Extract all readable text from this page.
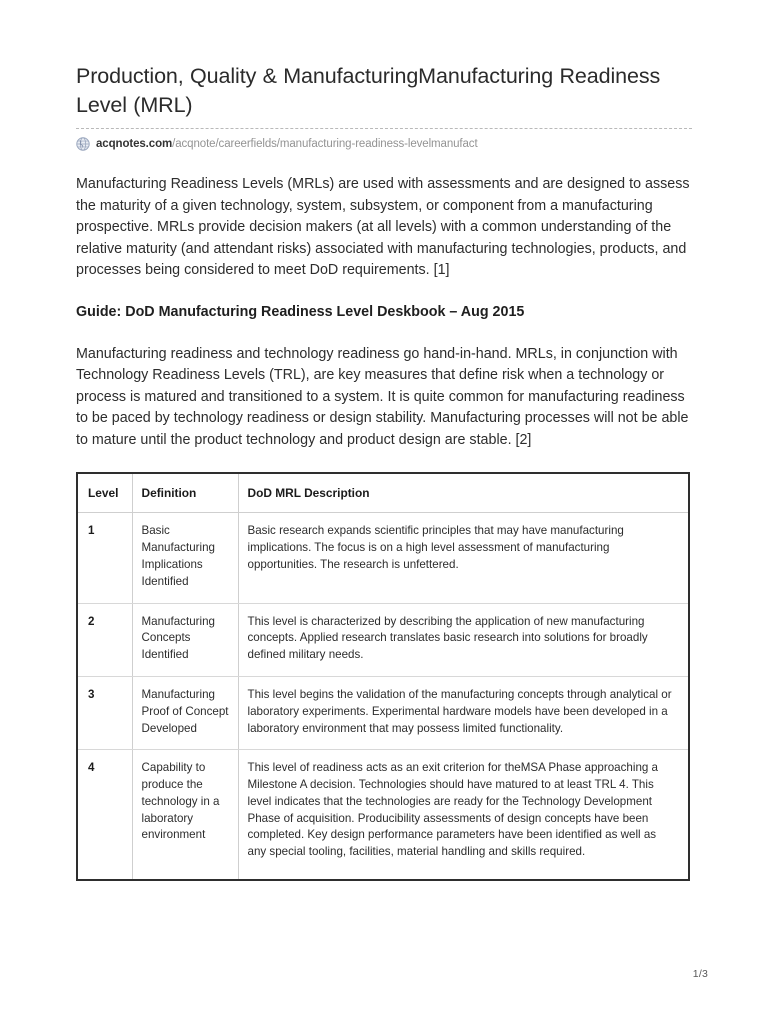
Production, Quality & ManufacturingManufacturing Readiness Level (MRL)
acqnotes.com/acqnote/careerfields/manufacturing-readiness-levelmanufact

Manufacturing Readiness Levels (MRLs) are used with assessments and are designed to assess the maturity of a given technology, system, subsystem, or component from a manufacturing prospective. MRLs provide decision makers (at all levels) with a common understanding of the relative maturity (and attendant risks) associated with manufacturing technologies, products, and processes being considered to meet DoD requirements. [1]

Guide: DoD Manufacturing Readiness Level Deskbook – Aug 2015

Manufacturing readiness and technology readiness go hand-in-hand. MRLs, in conjunction with Technology Readiness Levels (TRL), are key measures that define risk when a technology or process is matured and transitioned to a system. It is quite common for manufacturing readiness to be paced by technology readiness or design stability. Manufacturing processes will not be able to mature until the product technology and product design are stable. [2]

Level	Definition	DoD MRL Description
1	Basic Manufacturing Implications Identified	Basic research expands scientific principles that may have manufacturing implications. The focus is on a high level assessment of manufacturing opportunities. The research is unfettered.
2	Manufacturing Concepts Identified	This level is characterized by describing the application of new manufacturing concepts. Applied research translates basic research into solutions for broadly defined military needs.
3	Manufacturing Proof of Concept Developed	This level begins the validation of the manufacturing concepts through analytical or laboratory experiments. Experimental hardware models have been developed in a laboratory environment that may possess limited functionality.
4	Capability to produce the technology in a laboratory environment	This level of readiness acts as an exit criterion for theMSA Phase approaching a Milestone A decision. Technologies should have matured to at least TRL 4. This level indicates that the technologies are ready for the Technology Development Phase of acquisition. Producibility assessments of design concepts have been completed. Key design performance parameters have been identified as well as any special tooling, facilities, material handling and skills required.
1/3
